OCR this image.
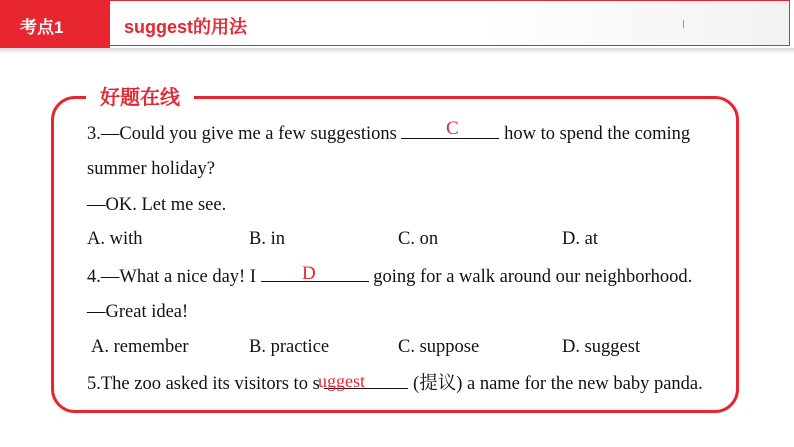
考点1	suggest的用法
好题在线
3.—Could you give me a few suggestions	how to spend the coming
C
summer holiday?
—OK. Let me see.
A. with	B. in	C. on	D. at
4.—What a nice day! I	going for a walk around our neighborhood.
D
—Great idea!
A. remember	B. practice	C. suppose	D. suggest
5.The zoo asked its visitors to s	(提议) a name for the new baby panda.
uggest
